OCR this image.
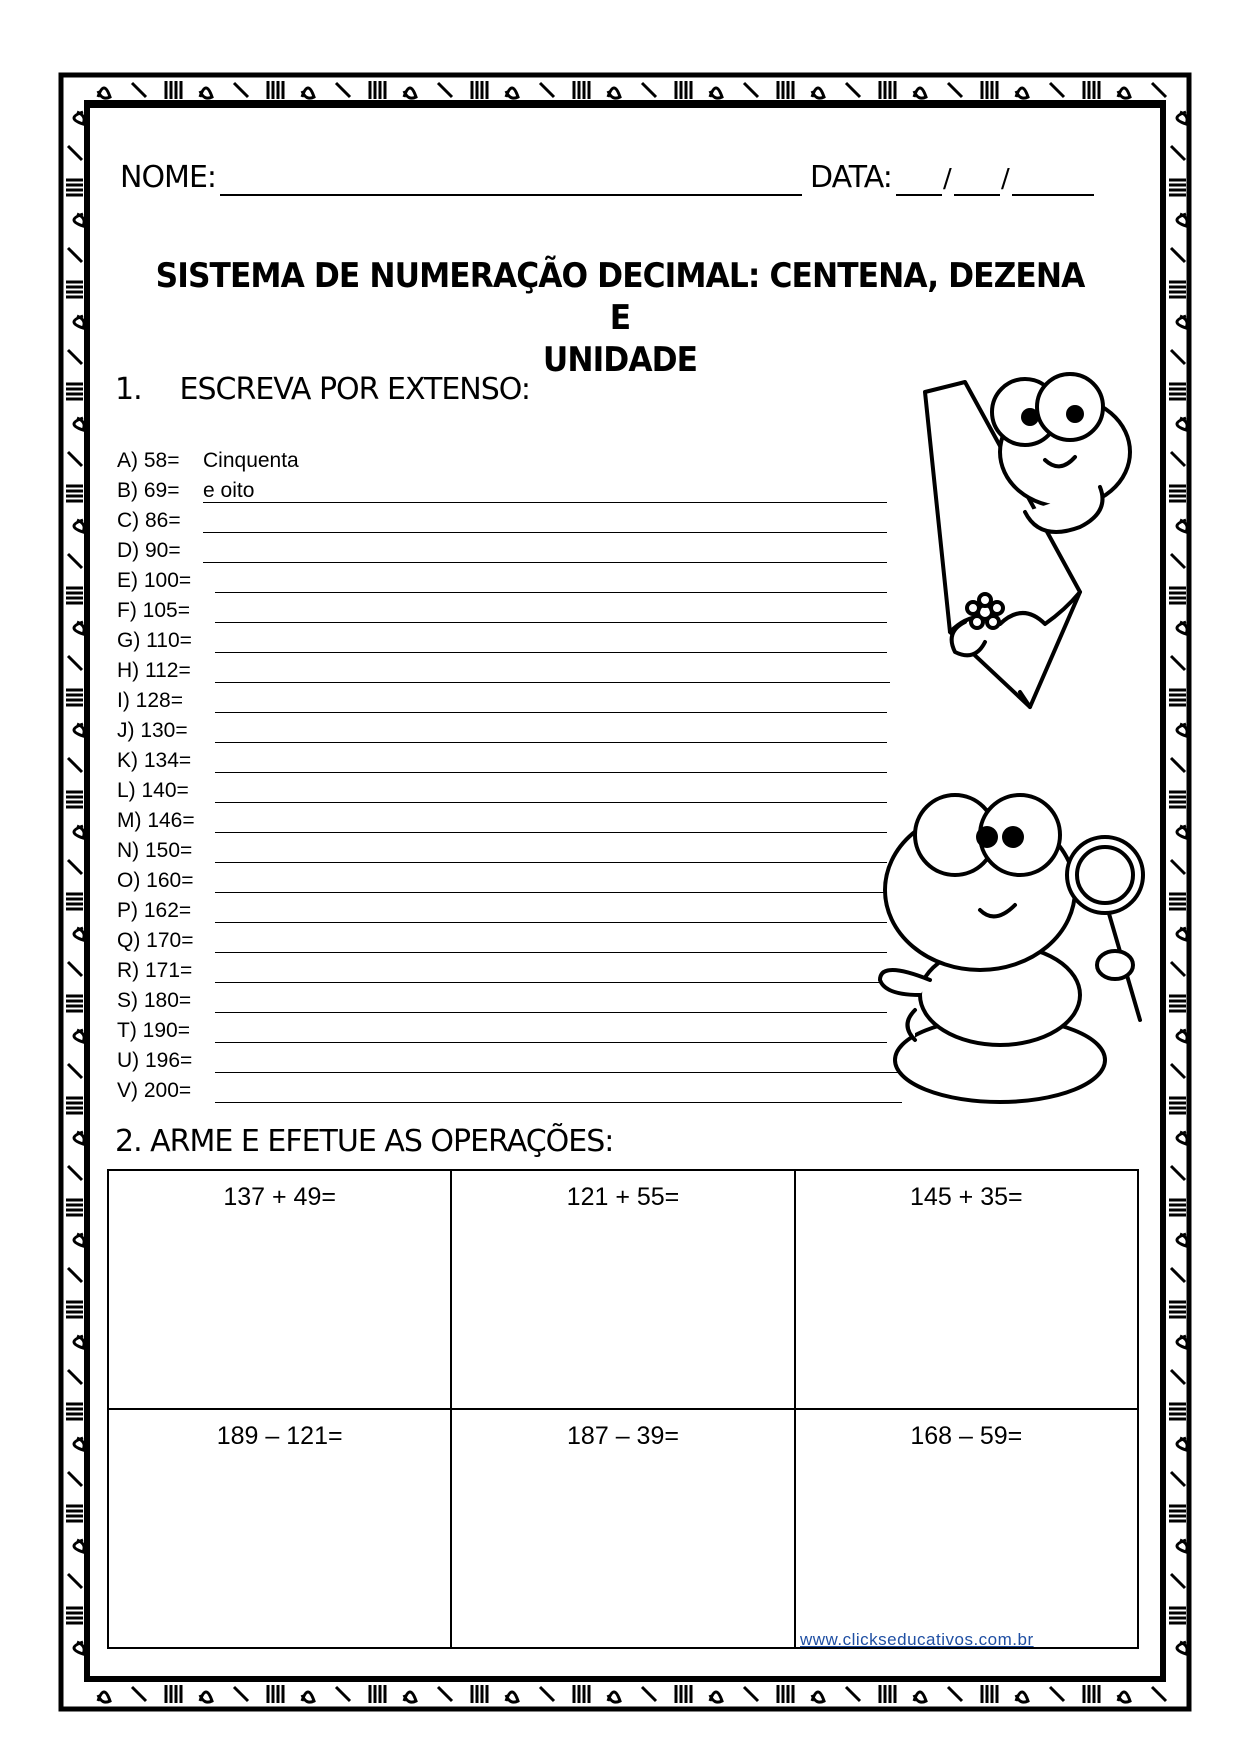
NOME:	DATA: / /
SISTEMA DE NUMERAÇÃO DECIMAL: CENTENA, DEZENA E
UNIDADE
1. ESCREVA POR EXTENSO:
A) 58= Cinquenta e oito
B) 69=
C) 86=
D) 90=
E) 100=
F) 105=
G) 110=
H) 112=
I) 128=
J) 130=
K) 134=
L) 140=
M) 146=
N) 150=
O) 160=
P) 162=
Q) 170=
R) 171=
S) 180=
T) 190=
U) 196=
V) 200=
2. ARME E EFETUE AS OPERAÇÕES:
137 + 49=	121 + 55=	145 + 35=
189 – 121=	187 – 39=	168 – 59=
www.clickseducativos.com.br
